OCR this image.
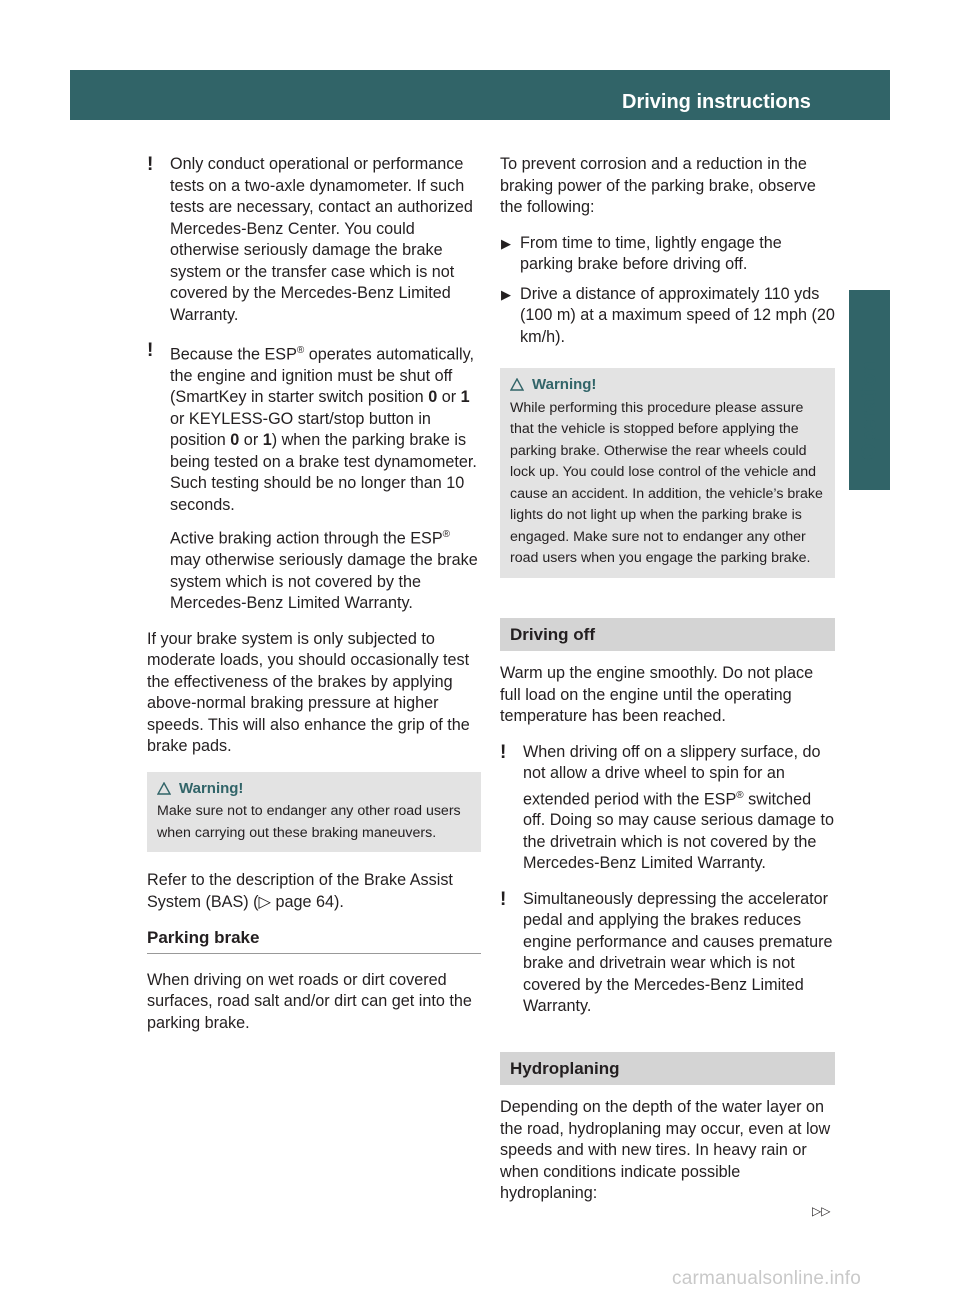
Driving instructions	255
Operation
! Only conduct operational or performance tests on a two-axle dynamometer. If such tests are necessary, contact an authorized Mercedes-Benz Center. You could otherwise seriously damage the brake system or the transfer case which is not covered by the Mercedes-Benz Limited Warranty.
! Because the ESP® operates automatically, the engine and ignition must be shut off (SmartKey in starter switch position 0 or 1 or KEYLESS-GO start/stop button in position 0 or 1) when the parking brake is being tested on a brake test dynamometer. Such testing should be no longer than 10 seconds.
Active braking action through the ESP® may otherwise seriously damage the brake system which is not covered by the Mercedes-Benz Limited Warranty.

If your brake system is only subjected to moderate loads, you should occasionally test the effectiveness of the brakes by applying above-normal braking pressure at higher speeds. This will also enhance the grip of the brake pads.

Warning!
Make sure not to endanger any other road users when carrying out these braking maneuvers.

Refer to the description of the Brake Assist System (BAS) (▷ page 64).

Parking brake

When driving on wet roads or dirt covered surfaces, road salt and/or dirt can get into the parking brake.

To prevent corrosion and a reduction in the braking power of the parking brake, observe the following:

▶ From time to time, lightly engage the parking brake before driving off.
▶ Drive a distance of approximately 110 yds (100 m) at a maximum speed of 12 mph (20 km/h).
Warning!
While performing this procedure please assure that the vehicle is stopped before applying the parking brake. Otherwise the rear wheels could lock up. You could lose control of the vehicle and cause an accident. In addition, the vehicle’s brake lights do not light up when the parking brake is engaged. Make sure not to endanger any other road users when you engage the parking brake.
Driving off

Warm up the engine smoothly. Do not place full load on the engine until the operating temperature has been reached.

! When driving off on a slippery surface, do not allow a drive wheel to spin for an extended period with the ESP® switched off. Doing so may cause serious damage to the drivetrain which is not covered by the Mercedes-Benz Limited Warranty.
! Simultaneously depressing the accelerator pedal and applying the brakes reduces engine performance and causes premature brake and drivetrain wear which is not covered by the Mercedes-Benz Limited Warranty.
Hydroplaning

Depending on the depth of the water layer on the road, hydroplaning may occur, even at low speeds and with new tires. In heavy rain or when conditions indicate possible hydroplaning:

▷▷
carmanualsonline.info
